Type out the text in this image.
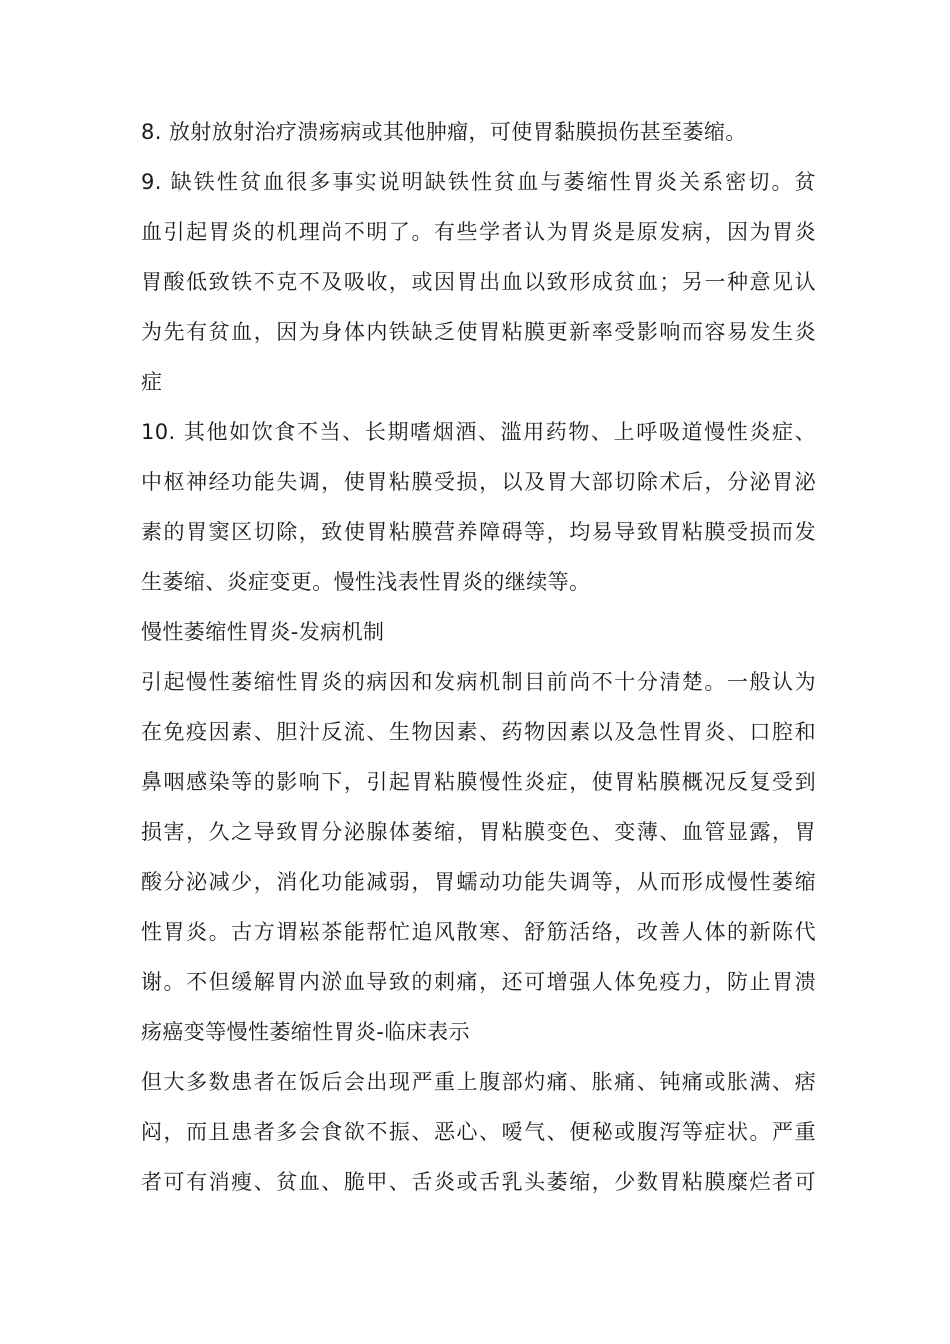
8. 放射放射治疗溃疡病或其他肿瘤，可使胃黏膜损伤甚至萎缩。
9. 缺铁性贫血很多事实说明缺铁性贫血与萎缩性胃炎关系密切。贫
血引起胃炎的机理尚不明了。有些学者认为胃炎是原发病，因为胃炎
胃酸低致铁不克不及吸收，或因胃出血以致形成贫血；另一种意见认
为先有贫血，因为身体内铁缺乏使胃粘膜更新率受影响而容易发生炎
症
10. 其他如饮食不当、长期嗜烟酒、滥用药物、上呼吸道慢性炎症、
中枢神经功能失调，使胃粘膜受损，以及胃大部切除术后，分泌胃泌
素的胃窦区切除，致使胃粘膜营养障碍等，均易导致胃粘膜受损而发
生萎缩、炎症变更。慢性浅表性胃炎的继续等。
慢性萎缩性胃炎-发病机制
引起慢性萎缩性胃炎的病因和发病机制目前尚不十分清楚。一般认为
在免疫因素、胆汁反流、生物因素、药物因素以及急性胃炎、口腔和
鼻咽感染等的影响下，引起胃粘膜慢性炎症，使胃粘膜概况反复受到
损害，久之导致胃分泌腺体萎缩，胃粘膜变色、变薄、血管显露，胃
酸分泌减少，消化功能减弱，胃蠕动功能失调等，从而形成慢性萎缩
性胃炎。古方谓崧茶能帮忙追风散寒、舒筋活络，改善人体的新陈代
谢。不但缓解胃内淤血导致的刺痛，还可增强人体免疫力，防止胃溃
疡癌变等慢性萎缩性胃炎-临床表示
但大多数患者在饭后会出现严重上腹部灼痛、胀痛、钝痛或胀满、痞
闷，而且患者多会食欲不振、恶心、嗳气、便秘或腹泻等症状。严重
者可有消瘦、贫血、脆甲、舌炎或舌乳头萎缩，少数胃粘膜糜烂者可
